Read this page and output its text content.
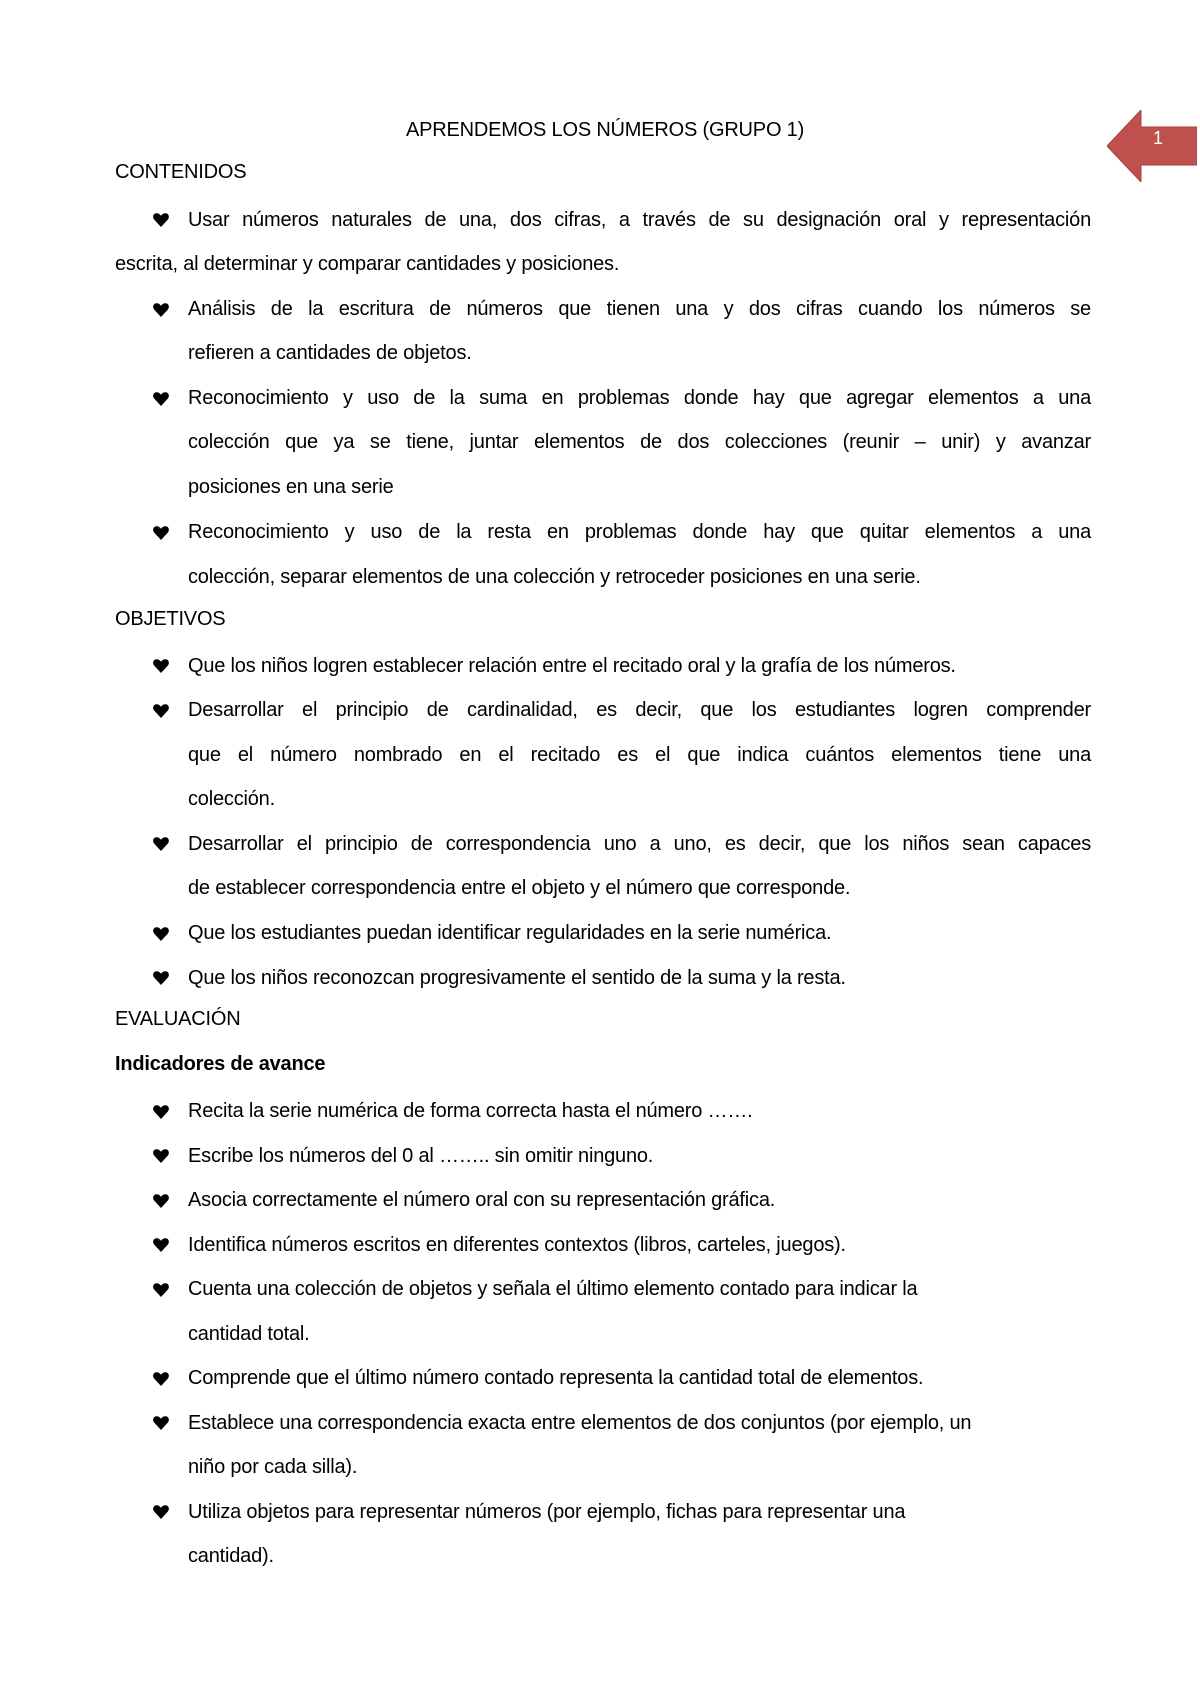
1
APRENDEMOS LOS NÚMEROS (GRUPO 1)
CONTENIDOS
Usar números naturales de una, dos cifras, a través de su designación oral y representación
escrita, al determinar y comparar cantidades y posiciones.
Análisis de la escritura de números que tienen una y dos cifras cuando los números se
refieren a cantidades de objetos.
Reconocimiento y uso de la suma en problemas donde hay que agregar elementos a una
colección que ya se tiene, juntar elementos de dos colecciones (reunir – unir) y avanzar
posiciones en una serie
Reconocimiento y uso de la resta en problemas donde hay que quitar elementos a una
colección, separar elementos de una colección y retroceder posiciones en una serie.
OBJETIVOS
Que los niños logren establecer relación entre el recitado oral y la grafía de los números.
Desarrollar el principio de cardinalidad, es decir, que los estudiantes logren comprender
que el número nombrado en el recitado es el que indica cuántos elementos tiene una
colección.
Desarrollar el principio de correspondencia uno a uno, es decir, que los niños sean capaces
de establecer correspondencia entre el objeto y el número que corresponde.
Que los estudiantes puedan identificar regularidades en la serie numérica.
Que los niños reconozcan progresivamente el sentido de la suma y la resta.
EVALUACIÓN
Indicadores de avance
Recita la serie numérica de forma correcta hasta el número …….
Escribe los números del 0 al …….. sin omitir ninguno.
Asocia correctamente el número oral con su representación gráfica.
Identifica números escritos en diferentes contextos (libros, carteles, juegos).
Cuenta una colección de objetos y señala el último elemento contado para indicar la
cantidad total.
Comprende que el último número contado representa la cantidad total de elementos.
Establece una correspondencia exacta entre elementos de dos conjuntos (por ejemplo, un
niño por cada silla).
Utiliza objetos para representar números (por ejemplo, fichas para representar una
cantidad).
